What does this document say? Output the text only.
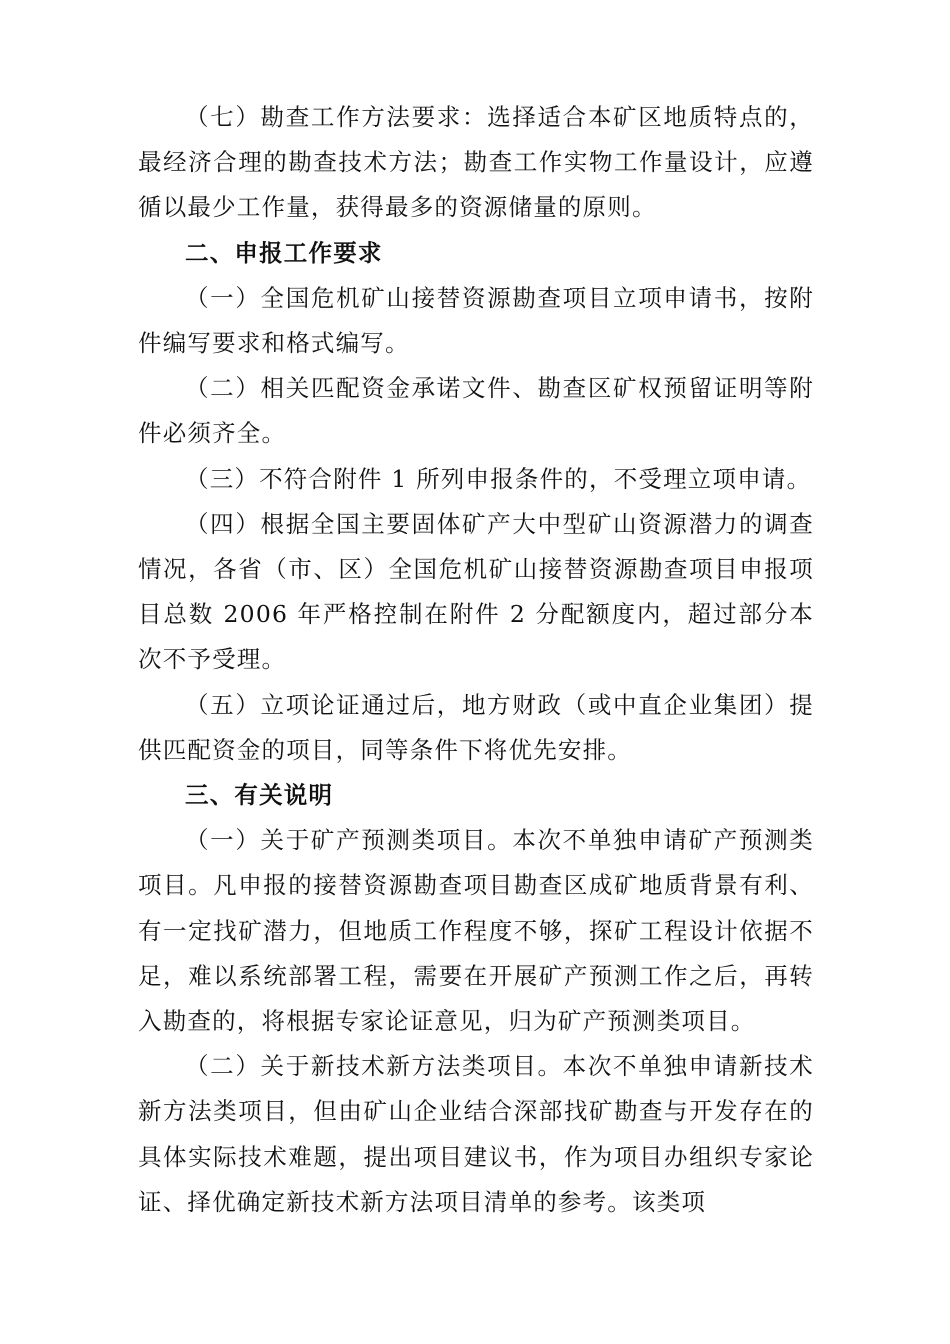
（七）勘查工作方法要求：选择适合本矿区地质特点的，最经济合理的勘查技术方法；勘查工作实物工作量设计，应遵循以最少工作量，获得最多的资源储量的原则。

二、申报工作要求

（一）全国危机矿山接替资源勘查项目立项申请书，按附件编写要求和格式编写。

（二）相关匹配资金承诺文件、勘查区矿权预留证明等附件必须齐全。

（三）不符合附件 1 所列申报条件的，不受理立项申请。

（四）根据全国主要固体矿产大中型矿山资源潜力的调查情况，各省（市、区）全国危机矿山接替资源勘查项目申报项目总数 2006 年严格控制在附件 2 分配额度内，超过部分本次不予受理。

（五）立项论证通过后，地方财政（或中直企业集团）提供匹配资金的项目，同等条件下将优先安排。

三、有关说明

（一）关于矿产预测类项目。本次不单独申请矿产预测类项目。凡申报的接替资源勘查项目勘查区成矿地质背景有利、有一定找矿潜力，但地质工作程度不够，探矿工程设计依据不足，难以系统部署工程，需要在开展矿产预测工作之后，再转入勘查的，将根据专家论证意见，归为矿产预测类项目。

（二）关于新技术新方法类项目。本次不单独申请新技术新方法类项目，但由矿山企业结合深部找矿勘查与开发存在的具体实际技术难题，提出项目建议书，作为项目办组织专家论证、择优确定新技术新方法项目清单的参考。该类项
